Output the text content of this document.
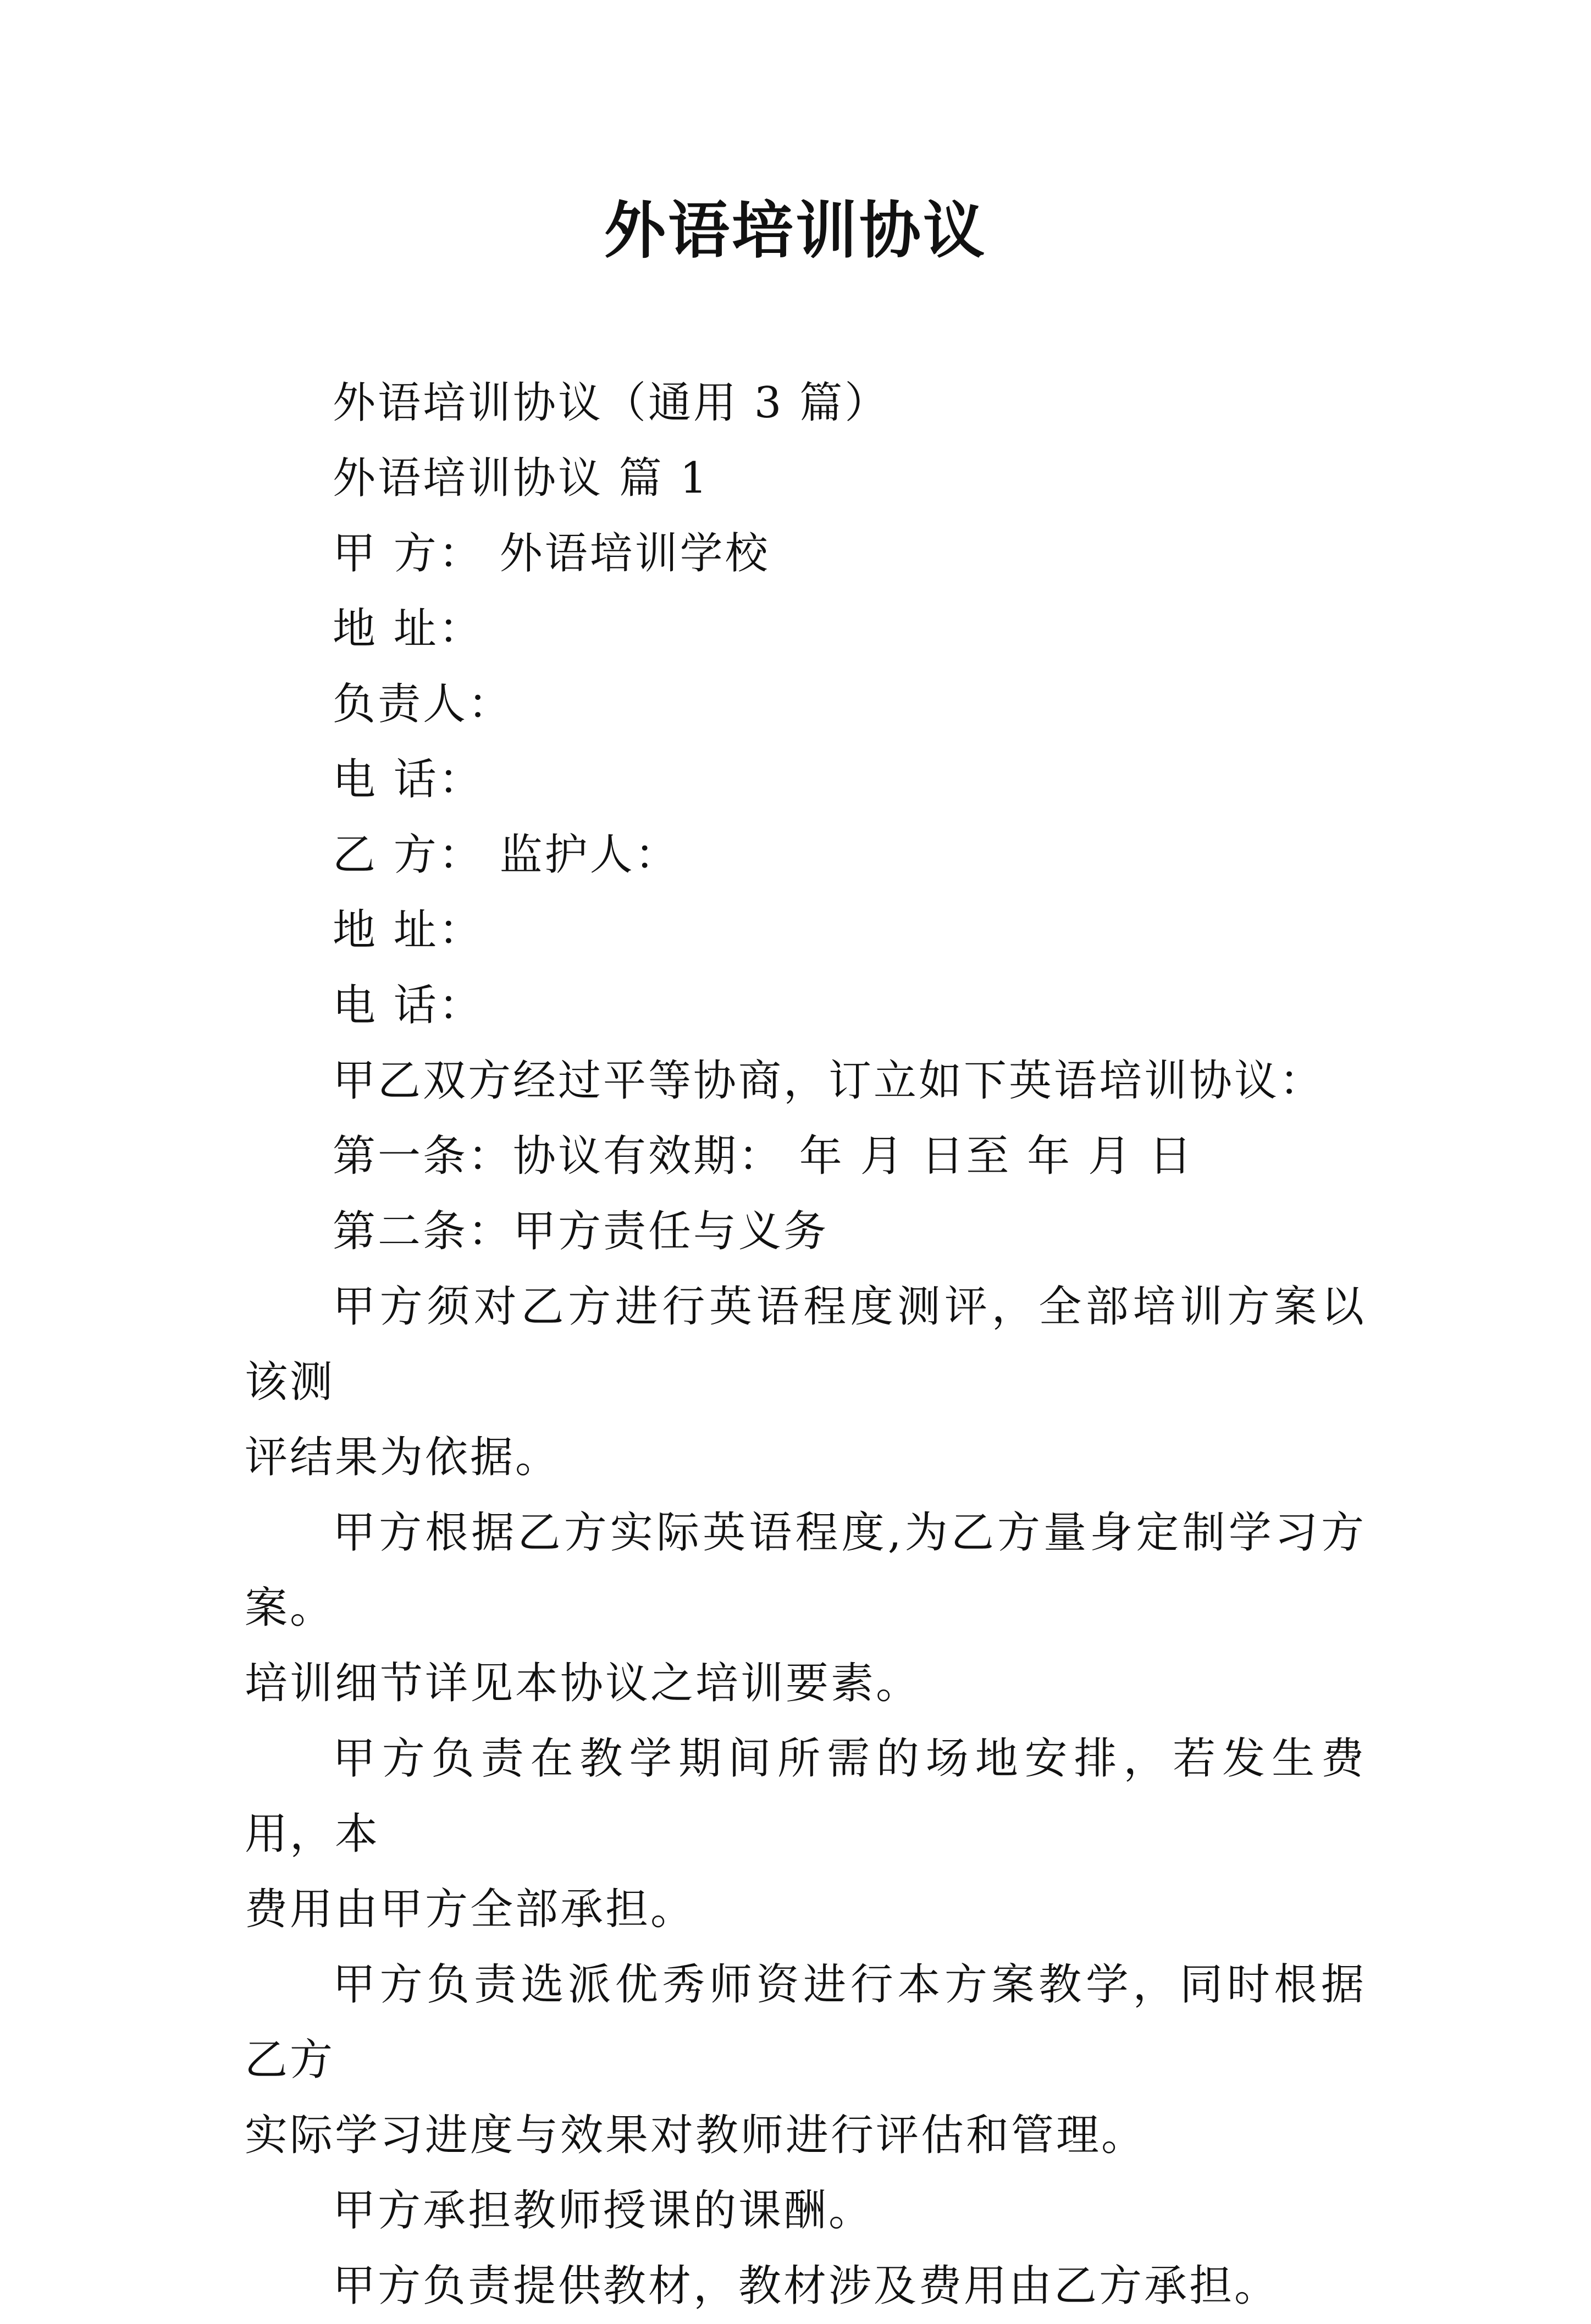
外语培训协议
外语培训协议（通用 3 篇）
外语培训协议 篇 1
甲 方： 外语培训学校
地 址：
负责人：
电 话：
乙 方： 监护人：
地 址：
电 话：
甲乙双方经过平等协商，订立如下英语培训协议：
第一条：协议有效期： 年 月 日至 年 月 日
第二条：甲方责任与义务
甲方须对乙方进行英语程度测评，全部培训方案以该测
评结果为依据。
甲方根据乙方实际英语程度,为乙方量身定制学习方案。
培训细节详见本协议之培训要素。
甲方负责在教学期间所需的场地安排，若发生费用，本
费用由甲方全部承担。
甲方负责选派优秀师资进行本方案教学，同时根据乙方
实际学习进度与效果对教师进行评估和管理。
甲方承担教师授课的课酬。
甲方负责提供教材，教材涉及费用由乙方承担。
